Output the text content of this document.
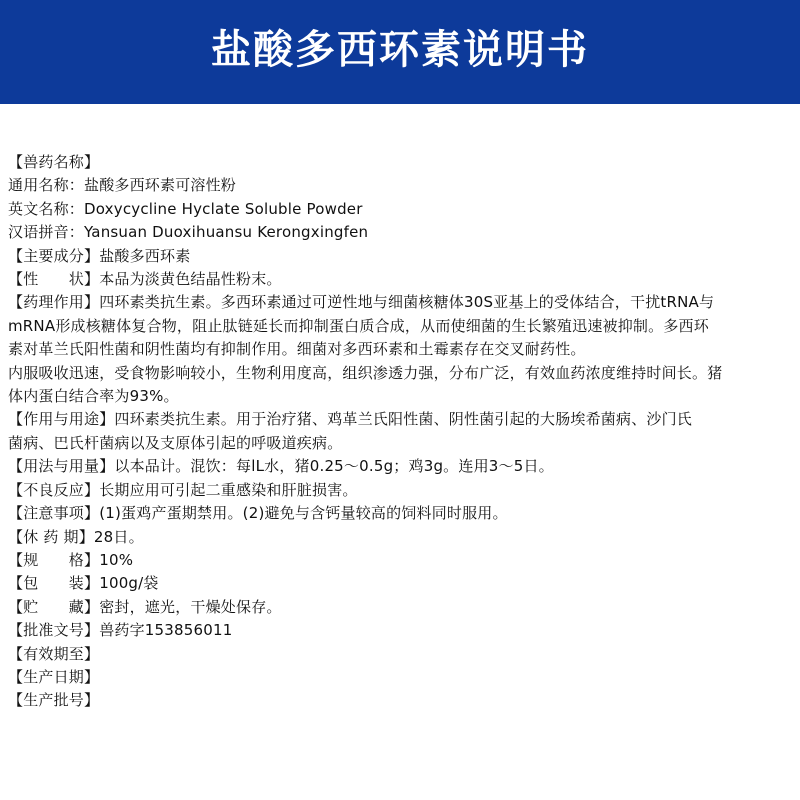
盐酸多西环素说明书
【兽药名称】
通用名称：盐酸多西环素可溶性粉
英文名称：Doxycycline Hyclate Soluble Powder
汉语拼音：Yansuan Duoxihuansu Kerongxingfen
【主要成分】盐酸多西环素
【性　　状】本品为淡黄色结晶性粉末。
【药理作用】四环素类抗生素。多西环素通过可逆性地与细菌核糖体30S亚基上的受体结合，干扰tRNA与
mRNA形成核糖体复合物，阻止肽链延长而抑制蛋白质合成，从而使细菌的生长繁殖迅速被抑制。多西环
素对革兰氏阳性菌和阴性菌均有抑制作用。细菌对多西环素和土霉素存在交叉耐药性。
内服吸收迅速，受食物影响较小，生物利用度高，组织渗透力强，分布广泛，有效血药浓度维持时间长。猪
体内蛋白结合率为93%。
【作用与用途】四环素类抗生素。用于治疗猪、鸡革兰氏阳性菌、阴性菌引起的大肠埃希菌病、沙门氏
菌病、巴氏杆菌病以及支原体引起的呼吸道疾病。
【用法与用量】以本品计。混饮：每lL水，猪0.25～0.5g；鸡3g。连用3～5日。
【不良反应】长期应用可引起二重感染和肝脏损害。
【注意事项】(1)蛋鸡产蛋期禁用。(2)避免与含钙量较高的饲料同时服用。
【休 药 期】28日。
【规　　格】10%
【包　　装】100g/袋
【贮　　藏】密封，遮光，干燥处保存。
【批准文号】兽药字153856011
【有效期至】
【生产日期】
【生产批号】
